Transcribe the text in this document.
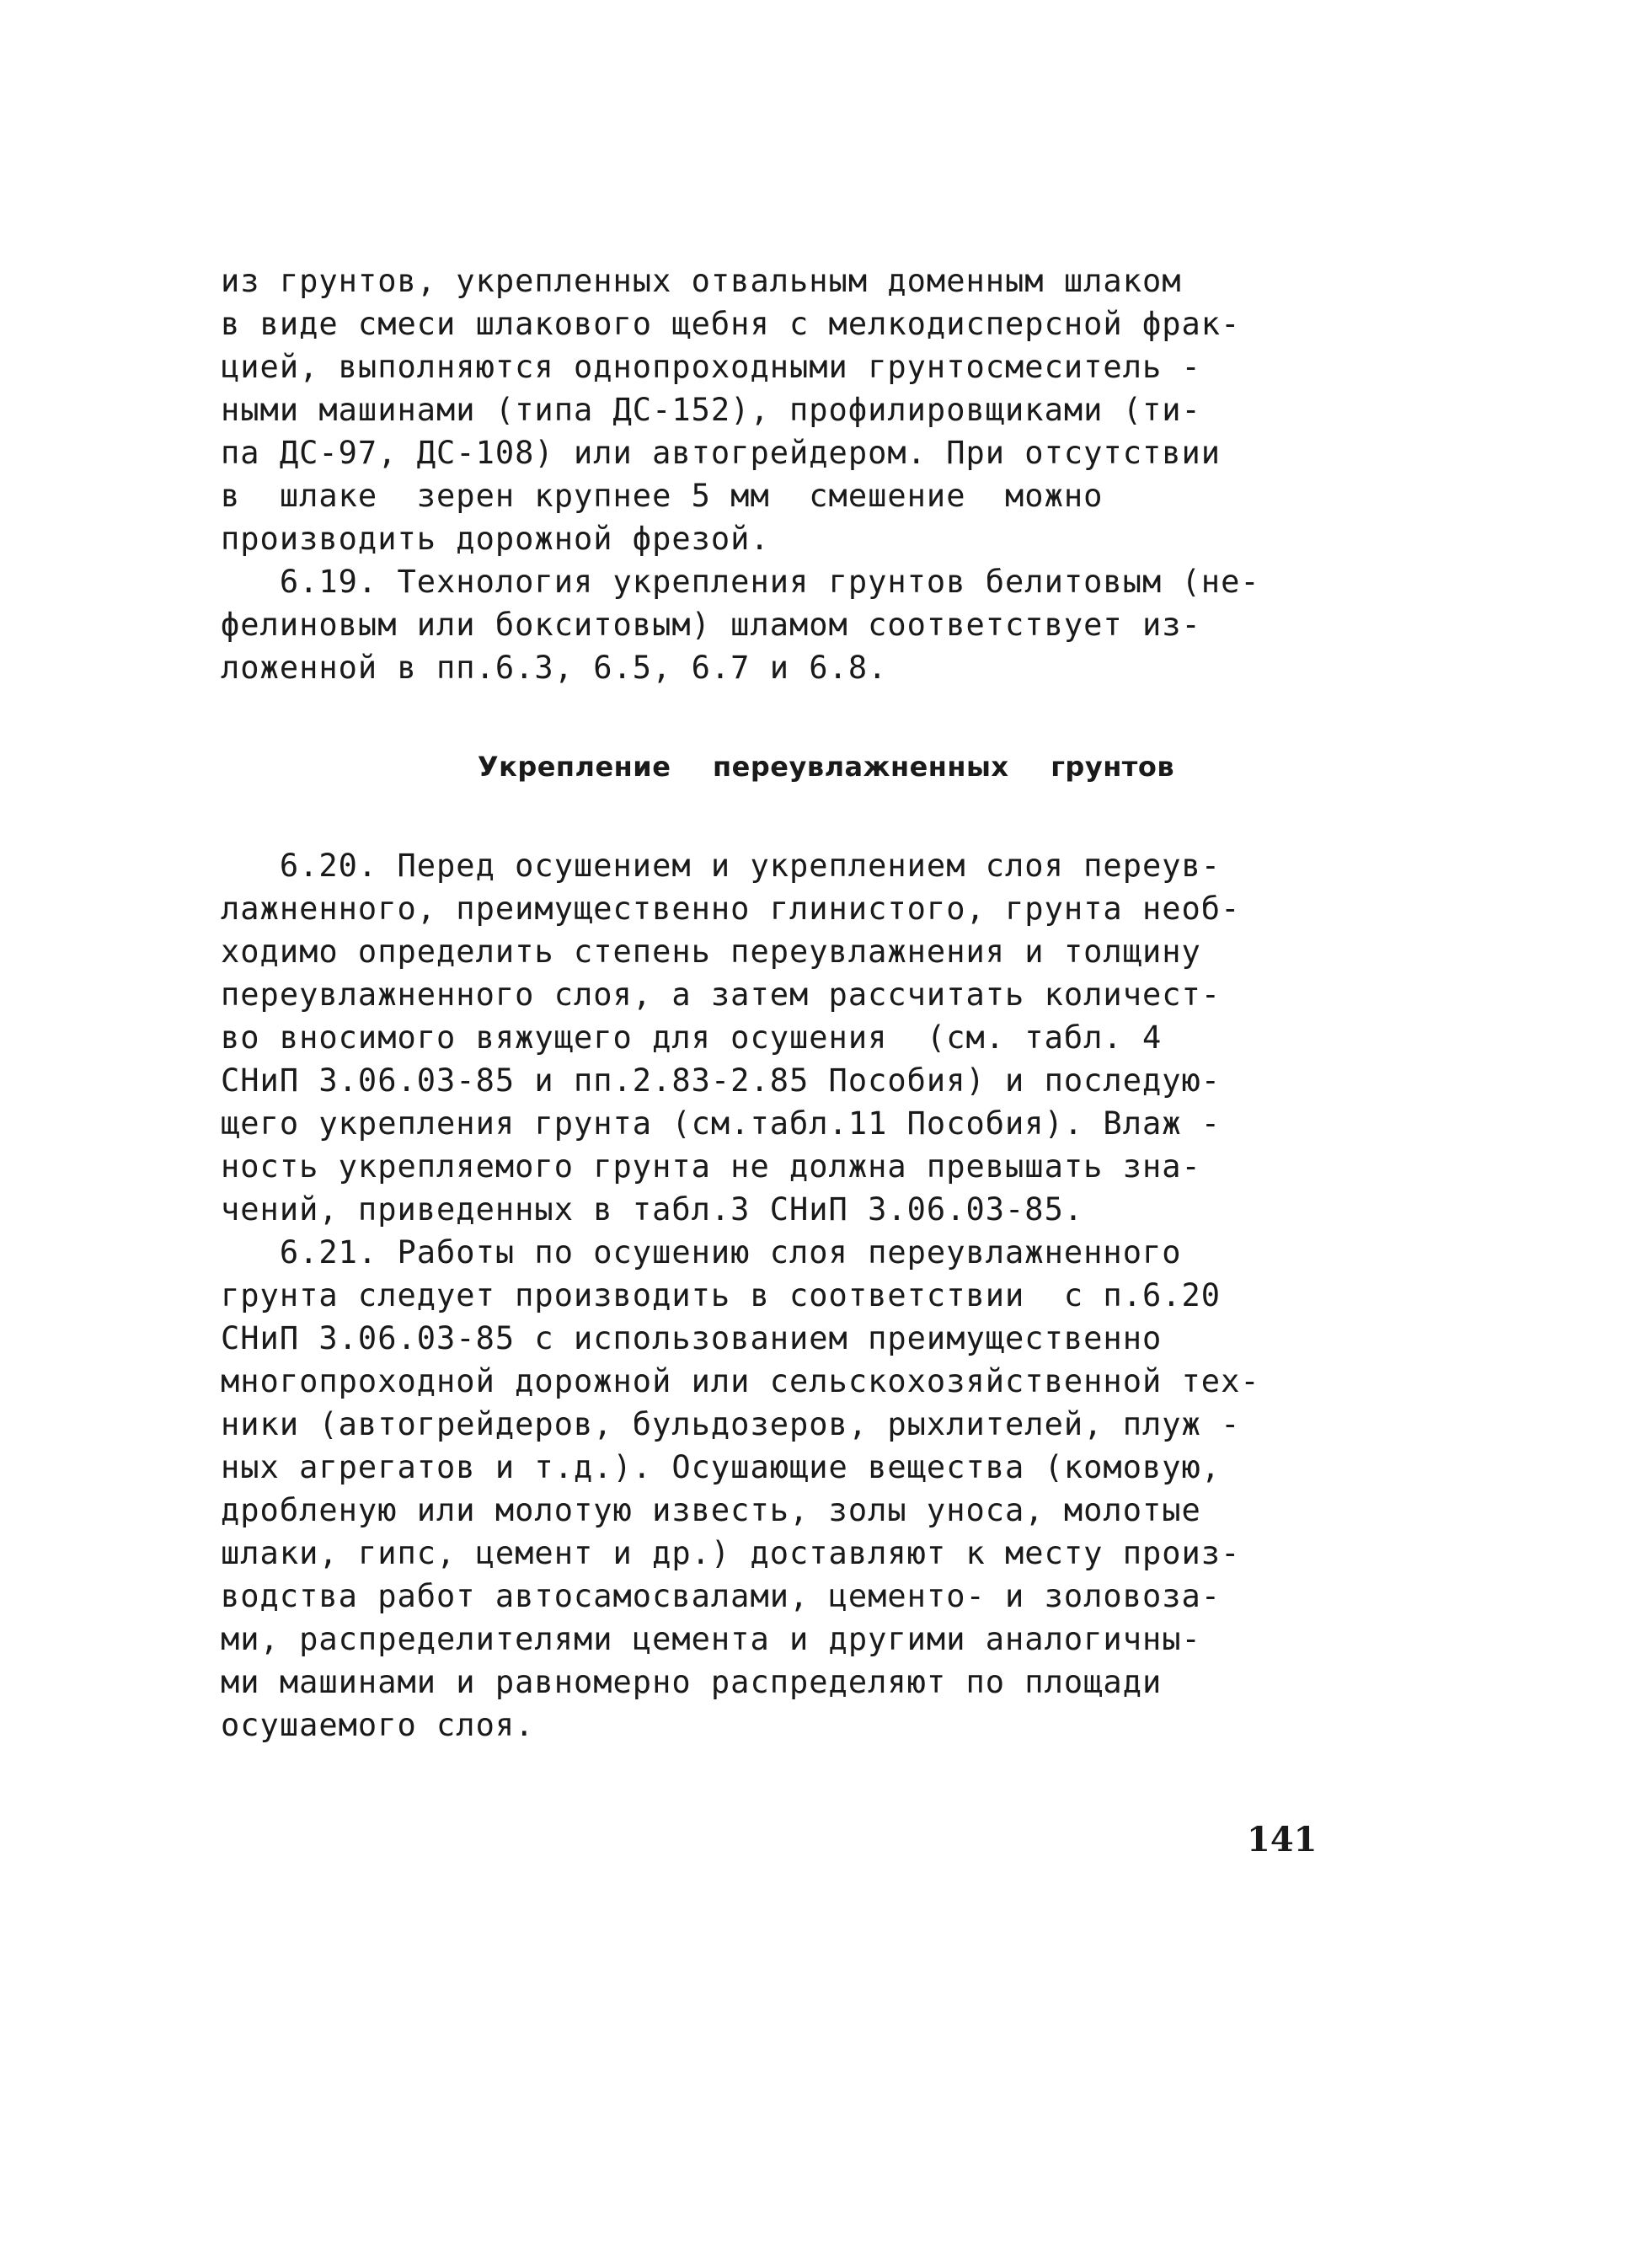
из грунтов, укрепленных отвальным доменным шлаком
в виде смеси шлакового щебня с мелкодисперсной фрак-
цией, выполняются однопроходными грунтосмеситель -
ными машинами (типа ДС-152), профилировщиками (ти-
па ДС-97, ДС-108) или автогрейдером. При отсутствии
в  шлаке  зерен крупнее 5 мм  смешение  можно
производить дорожной фрезой.
6.19. Технология укрепления грунтов белитовым (не-
фелиновым или бокситовым) шламом соответствует из-
ложенной в пп.6.3, 6.5, 6.7 и 6.8.
Укрепление переувлажненных грунтов
6.20. Перед осушением и укреплением слоя переув-
лажненного, преимущественно глинистого, грунта необ-
ходимо определить степень переувлажнения и толщину
переувлажненного слоя, а затем рассчитать количест-
во вносимого вяжущего для осушения  (см. табл. 4
СНиП 3.06.03-85 и пп.2.83-2.85 Пособия) и последую-
щего укрепления грунта (см.табл.11 Пособия). Влаж -
ность укрепляемого грунта не должна превышать зна-
чений, приведенных в табл.3 СНиП 3.06.03-85.
6.21. Работы по осушению слоя переувлажненного
грунта следует производить в соответствии  с п.6.20
СНиП 3.06.03-85 с использованием преимущественно
многопроходной дорожной или сельскохозяйственной тех-
ники (автогрейдеров, бульдозеров, рыхлителей, плуж -
ных агрегатов и т.д.). Осушающие вещества (комовую,
дробленую или молотую известь, золы уноса, молотые
шлаки, гипс, цемент и др.) доставляют к месту произ-
водства работ автосамосвалами, цементо- и золовоза-
ми, распределителями цемента и другими аналогичны-
ми машинами и равномерно распределяют по площади
осушаемого слоя.
141
